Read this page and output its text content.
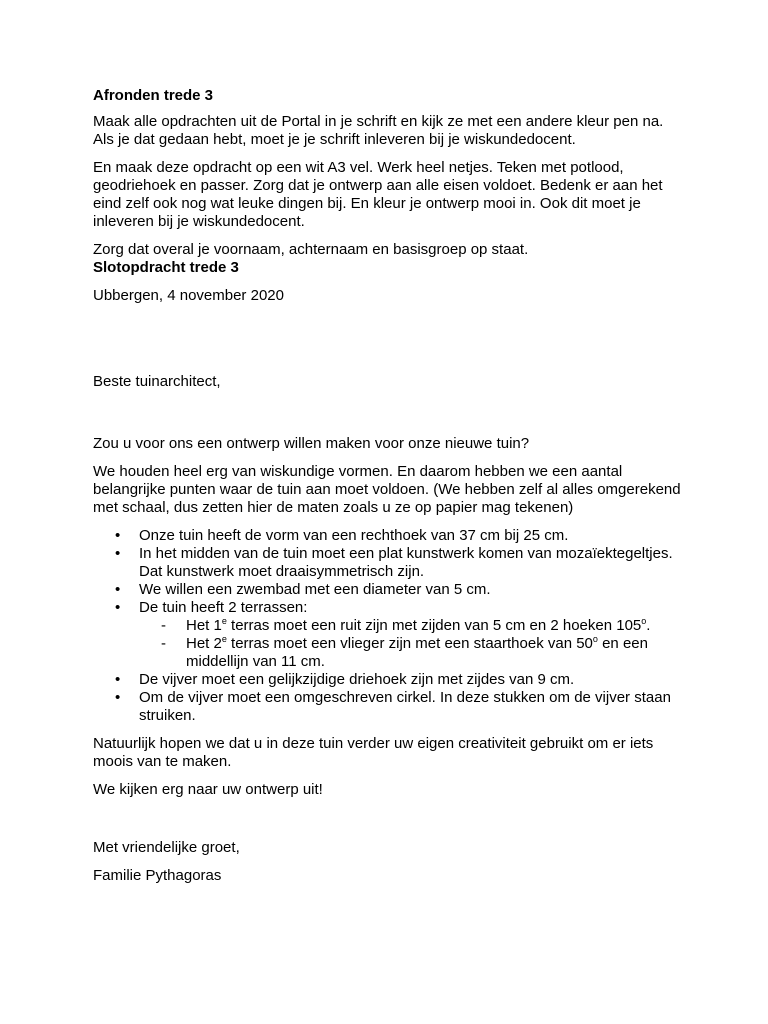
Afronden trede 3

Maak alle opdrachten uit de Portal in je schrift en kijk ze met een andere kleur pen na. Als je dat gedaan hebt, moet je je schrift inleveren bij je wiskundedocent.

En maak deze opdracht op een wit A3 vel. Werk heel netjes. Teken met potlood, geodriehoek en passer. Zorg dat je ontwerp aan alle eisen voldoet. Bedenk er aan het eind zelf ook nog wat leuke dingen bij. En kleur je ontwerp mooi in. Ook dit moet je inleveren bij je wiskundedocent.

Zorg dat overal je voornaam, achternaam en basisgroep op staat.

Slotopdracht trede 3

Ubbergen, 4 november 2020

Beste tuinarchitect,

Zou u voor ons een ontwerp willen maken voor onze nieuwe tuin?

We houden heel erg van wiskundige vormen. En daarom hebben we een aantal belangrijke punten waar de tuin aan moet voldoen. (We hebben zelf al alles omgerekend met schaal, dus zetten hier de maten zoals u ze op papier mag tekenen)

•	Onze tuin heeft de vorm van een rechthoek van 37 cm bij 25 cm.
•	In het midden van de tuin moet een plat kunstwerk komen van mozaïektegeltjes. Dat kunstwerk moet draaisymmetrisch zijn.
•	We willen een zwembad met een diameter van 5 cm.
•	De tuin heeft 2 terrassen:
- Het 1e terras moet een ruit zijn met zijden van 5 cm en 2 hoeken 105$^o$.
- Het 2e terras moet een vlieger zijn met een staarthoek van 50$^o$ en een middellijn van 11 cm.
•	De vijver moet een gelijkzijdige driehoek zijn met zijdes van 9 cm.
•	Om de vijver moet een omgeschreven cirkel. In deze stukken om de vijver staan struiken.

Natuurlijk hopen we dat u in deze tuin verder uw eigen creativiteit gebruikt om er iets moois van te maken.

We kijken erg naar uw ontwerp uit!

Met vriendelijke groet,

Familie Pythagoras
